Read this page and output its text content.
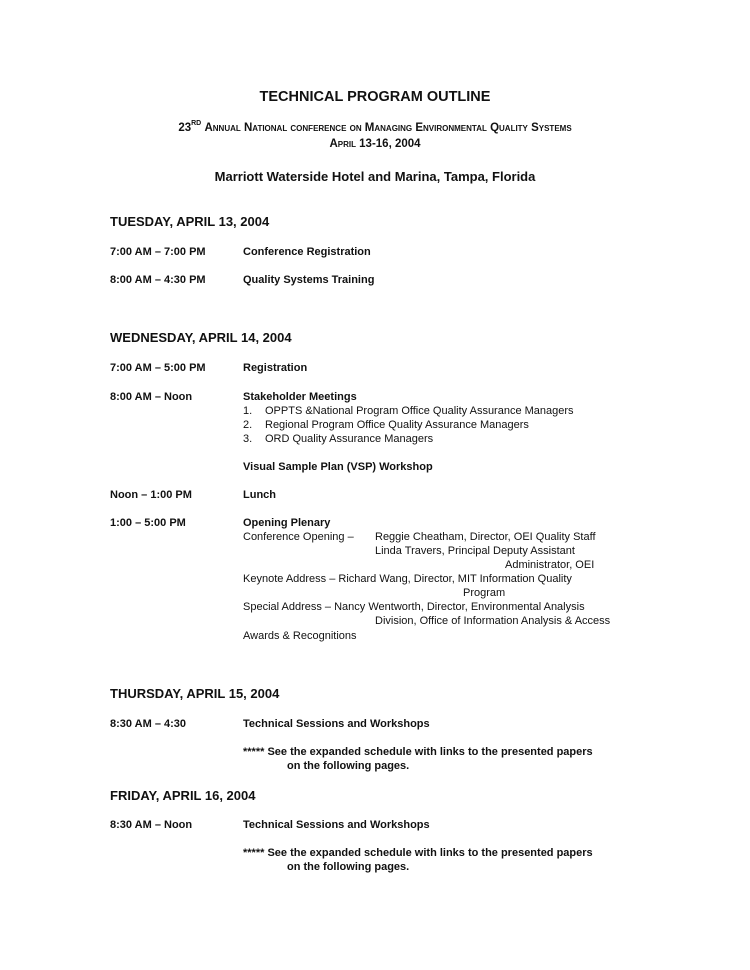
TECHNICAL PROGRAM OUTLINE
23RD Annual National conference on Managing Environmental Quality Systems
April 13-16, 2004
Marriott Waterside Hotel and Marina, Tampa, Florida
TUESDAY, APRIL 13, 2004
7:00 AM – 7:00 PM	Conference Registration
8:00 AM – 4:30 PM	Quality Systems Training
WEDNESDAY, APRIL 14, 2004
7:00 AM – 5:00 PM	Registration
8:00 AM – Noon	Stakeholder Meetings
1. OPPTS &National Program Office Quality Assurance Managers
2. Regional Program Office Quality Assurance Managers
3. ORD Quality Assurance Managers
Visual Sample Plan (VSP) Workshop
Noon – 1:00 PM	Lunch
1:00 – 5:00 PM	Opening Plenary
Conference Opening – Reggie Cheatham, Director, OEI Quality Staff
Linda Travers, Principal Deputy Assistant
Administrator, OEI
Keynote Address – Richard Wang, Director, MIT Information Quality
Program
Special Address – Nancy Wentworth, Director, Environmental Analysis
Division, Office of Information Analysis & Access
Awards & Recognitions
THURSDAY, APRIL 15, 2004
8:30 AM – 4:30	Technical Sessions and Workshops
***** See the expanded schedule with links to the presented papers
on the following pages.
FRIDAY, APRIL 16, 2004
8:30 AM – Noon	Technical Sessions and Workshops
***** See the expanded schedule with links to the presented papers
on the following pages.
